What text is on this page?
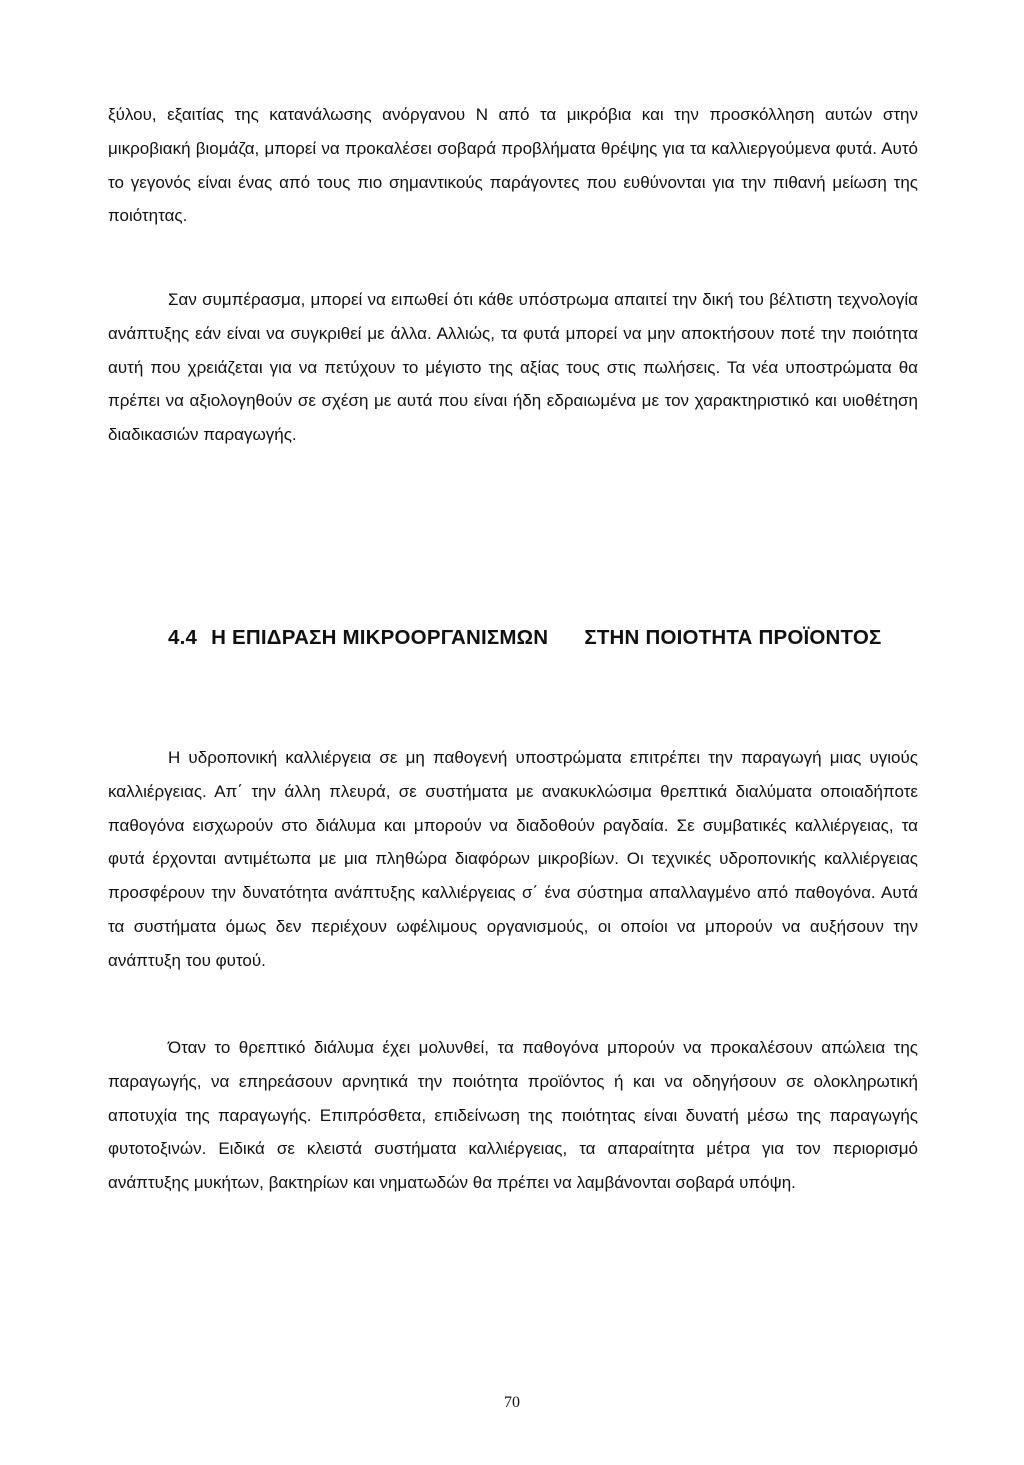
ξύλου, εξαιτίας της κατανάλωσης ανόργανου Ν από τα μικρόβια και την προσκόλληση αυτών στην μικροβιακή βιομάζα, μπορεί να προκαλέσει σοβαρά προβλήματα θρέψης για τα καλλιεργούμενα φυτά. Αυτό το γεγονός είναι ένας από τους πιο σημαντικούς παράγοντες που ευθύνονται για την πιθανή μείωση της ποιότητας.

Σαν συμπέρασμα, μπορεί να ειπωθεί ότι κάθε υπόστρωμα απαιτεί την δική του βέλτιστη τεχνολογία ανάπτυξης εάν είναι να συγκριθεί με άλλα. Αλλιώς, τα φυτά μπορεί να μην αποκτήσουν ποτέ την ποιότητα αυτή που χρειάζεται για να πετύχουν το μέγιστο της αξίας τους στις πωλήσεις. Τα νέα υποστρώματα θα πρέπει να αξιολογηθούν σε σχέση με αυτά που είναι ήδη εδραιωμένα με τον χαρακτηριστικό και υιοθέτηση διαδικασιών παραγωγής.

4.4 Η ΕΠΙΔΡΑΣΗ ΜΙΚΡΟΟΡΓΑΝΙΣΜΩΝ ΣΤΗΝ ΠΟΙΟΤΗΤΑ ΠΡΟΪΟΝΤΟΣ

Η υδροπονική καλλιέργεια σε μη παθογενή υποστρώματα επιτρέπει την παραγωγή μιας υγιούς καλλιέργειας. Απ΄ την άλλη πλευρά, σε συστήματα με ανακυκλώσιμα θρεπτικά διαλύματα οποιαδήποτε παθογόνα εισχωρούν στο διάλυμα και μπορούν να διαδοθούν ραγδαία. Σε συμβατικές καλλιέργειας, τα φυτά έρχονται αντιμέτωπα με μια πληθώρα διαφόρων μικροβίων. Οι τεχνικές υδροπονικής καλλιέργειας προσφέρουν την δυνατότητα ανάπτυξης καλλιέργειας σ΄ ένα σύστημα απαλλαγμένο από παθογόνα. Αυτά τα συστήματα όμως δεν περιέχουν ωφέλιμους οργανισμούς, οι οποίοι να μπορούν να αυξήσουν την ανάπτυξη του φυτού.

Όταν το θρεπτικό διάλυμα έχει μολυνθεί, τα παθογόνα μπορούν να προκαλέσουν απώλεια της παραγωγής, να επηρεάσουν αρνητικά την ποιότητα προϊόντος ή και να οδηγήσουν σε ολοκληρωτική αποτυχία της παραγωγής. Επιπρόσθετα, επιδείνωση της ποιότητας είναι δυνατή μέσω της παραγωγής φυτοτοξινών. Ειδικά σε κλειστά συστήματα καλλιέργειας, τα απαραίτητα μέτρα για τον περιορισμό ανάπτυξης μυκήτων, βακτηρίων και νηματωδών θα πρέπει να λαμβάνονται σοβαρά υπόψη.

70
